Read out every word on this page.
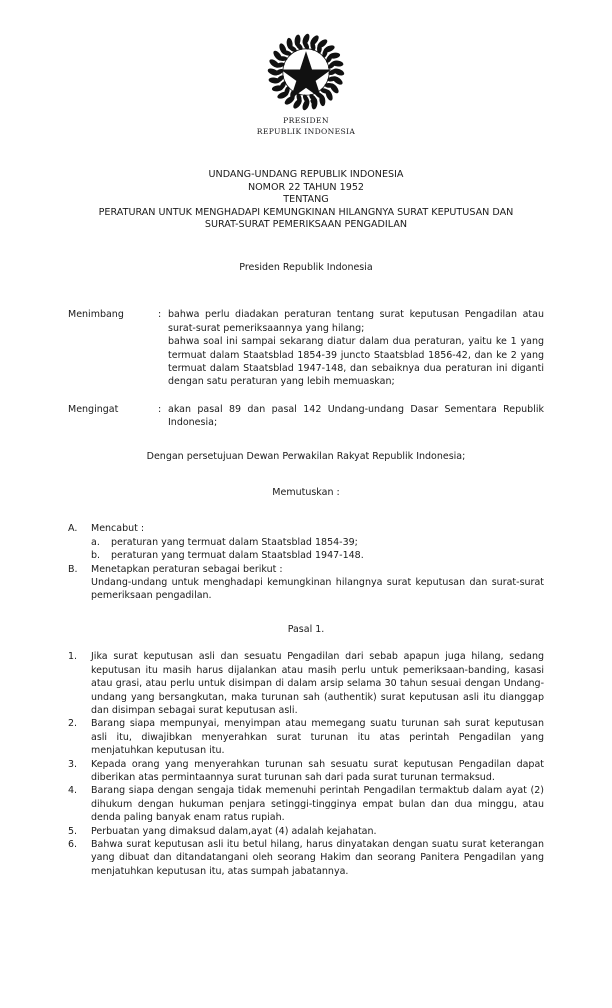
PRESIDEN
REPUBLIK INDONESIA
UNDANG-UNDANG REPUBLIK INDONESIA
NOMOR 22 TAHUN 1952
TENTANG
PERATURAN UNTUK MENGHADAPI KEMUNGKINAN HILANGNYA SURAT KEPUTUSAN DAN
SURAT-SURAT PEMERIKSAAN PENGADILAN
Presiden Republik Indonesia
Menimbang	: bahwa perlu diadakan peraturan tentang surat keputusan Pengadilan atau surat-surat pemeriksaannya yang hilang;

bahwa soal ini sampai sekarang diatur dalam dua peraturan, yaitu ke 1 yang termuat dalam Staatsblad 1854-39 juncto Staatsblad 1856-42, dan ke 2 yang termuat dalam Staatsblad 1947-148, dan sebaiknya dua peraturan ini diganti dengan satu peraturan yang lebih memuaskan;

Mengingat	: akan pasal 89 dan pasal 142 Undang-undang Dasar Sementara Republik Indonesia;

Dengan persetujuan Dewan Perwakilan Rakyat Republik Indonesia;
Memutuskan :
A.	Mencabut :
a.	peraturan yang termuat dalam Staatsblad 1854-39;
b.	peraturan yang termuat dalam Staatsblad 1947-148.
B.	Menetapkan peraturan sebagai berikut :
Undang-undang untuk menghadapi kemungkinan hilangnya surat keputusan dan surat-surat pemeriksaan pengadilan.
Pasal 1.
1.	Jika surat keputusan asli dan sesuatu Pengadilan dari sebab apapun juga hilang, sedang keputusan itu masih harus dijalankan atau masih perlu untuk pemeriksaan-banding, kasasi atau grasi, atau perlu untuk disimpan di dalam arsip selama 30 tahun sesuai dengan Undang-undang yang bersangkutan, maka turunan sah (authentik) surat keputusan asli itu dianggap dan disimpan sebagai surat keputusan asli.
2.	Barang siapa mempunyai, menyimpan atau memegang suatu turunan sah surat keputusan asli itu, diwajibkan menyerahkan surat turunan itu atas perintah Pengadilan yang menjatuhkan keputusan itu.
3.	Kepada orang yang menyerahkan turunan sah sesuatu surat keputusan Pengadilan dapat diberikan atas permintaannya surat turunan sah dari pada surat turunan termaksud.
4.	Barang siapa dengan sengaja tidak memenuhi perintah Pengadilan termaktub dalam ayat (2) dihukum dengan hukuman penjara setinggi-tingginya empat bulan dan dua minggu, atau denda paling banyak enam ratus rupiah.
5.	Perbuatan yang dimaksud dalam,ayat (4) adalah kejahatan.
6.	Bahwa surat keputusan asli itu betul hilang, harus dinyatakan dengan suatu surat keterangan yang dibuat dan ditandatangani oleh seorang Hakim dan seorang Panitera Pengadilan yang menjatuhkan keputusan itu, atas sumpah jabatannya.
